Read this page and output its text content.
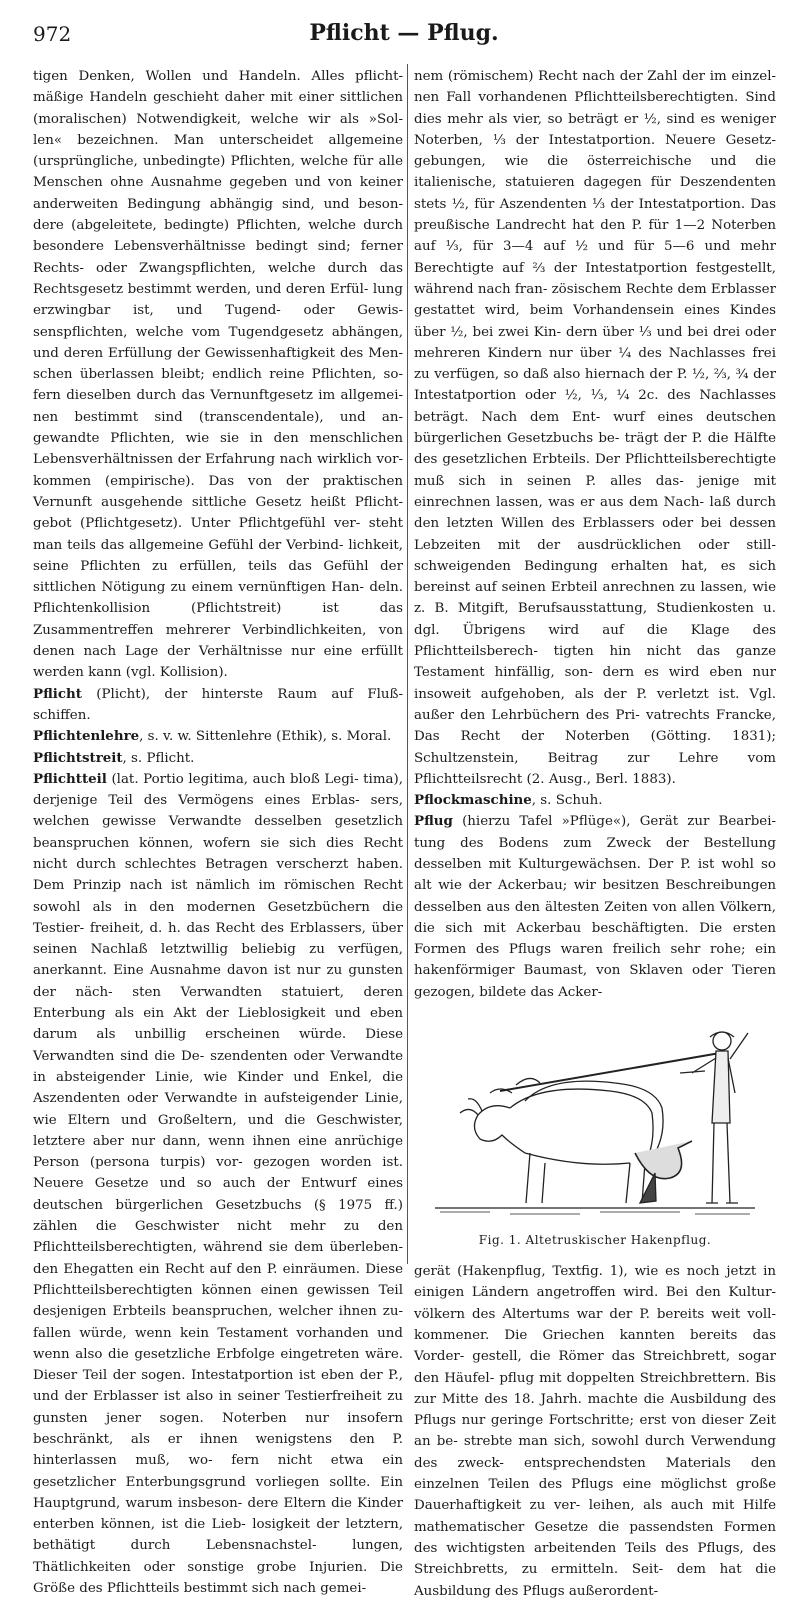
972	Pflicht — Pflug.

tigen Denken, Wollen und Handeln. Alles pflicht- mäßige Handeln geschieht daher mit einer sittlichen (moralischen) Notwendigkeit, welche wir als »Sol- len« bezeichnen. Man unterscheidet allgemeine (ursprüngliche, unbedingte) Pflichten, welche für alle Menschen ohne Ausnahme gegeben und von keiner anderweiten Bedingung abhängig sind, und beson- dere (abgeleitete, bedingte) Pflichten, welche durch besondere Lebensverhältnisse bedingt sind; ferner Rechts- oder Zwangspflichten, welche durch das Rechtsgesetz bestimmt werden, und deren Erfül- lung erzwingbar ist, und Tugend- oder Gewis- senspflichten, welche vom Tugendgesetz abhängen, und deren Erfüllung der Gewissenhaftigkeit des Men- schen überlassen bleibt; endlich reine Pflichten, so- fern dieselben durch das Vernunftgesetz im allgemei- nen bestimmt sind (transcendentale), und an- gewandte Pflichten, wie sie in den menschlichen Lebensverhältnissen der Erfahrung nach wirklich vor- kommen (empirische). Das von der praktischen Vernunft ausgehende sittliche Gesetz heißt Pflicht- gebot (Pflichtgesetz). Unter Pflichtgefühl ver- steht man teils das allgemeine Gefühl der Verbind- lichkeit, seine Pflichten zu erfüllen, teils das Gefühl der sittlichen Nötigung zu einem vernünftigen Han- deln. Pflichtenkollision (Pflichtstreit) ist das Zusammentreffen mehrerer Verbindlichkeiten, von denen nach Lage der Verhältnisse nur eine erfüllt werden kann (vgl. Kollision).

Pflicht (Plicht), der hinterste Raum auf Fluß- schiffen.

Pflichtenlehre, s. v. w. Sittenlehre (Ethik), s. Moral.

Pflichtstreit, s. Pflicht.

Pflichtteil (lat. Portio legitima, auch bloß Legi- tima), derjenige Teil des Vermögens eines Erblas- sers, welchen gewisse Verwandte desselben gesetzlich beanspruchen können, wofern sie sich dies Recht nicht durch schlechtes Betragen verscherzt haben. Dem Prinzip nach ist nämlich im römischen Recht sowohl als in den modernen Gesetzbüchern die Testier- freiheit, d. h. das Recht des Erblassers, über seinen Nachlaß letztwillig beliebig zu verfügen, anerkannt. Eine Ausnahme davon ist nur zu gunsten der näch- sten Verwandten statuiert, deren Enterbung als ein Akt der Lieblosigkeit und eben darum als unbillig erscheinen würde. Diese Verwandten sind die De- szendenten oder Verwandte in absteigender Linie, wie Kinder und Enkel, die Aszendenten oder Verwandte in aufsteigender Linie, wie Eltern und Großeltern, und die Geschwister, letztere aber nur dann, wenn ihnen eine anrüchige Person (persona turpis) vor- gezogen worden ist. Neuere Gesetze und so auch der Entwurf eines deutschen bürgerlichen Gesetzbuchs (§ 1975 ff.) zählen die Geschwister nicht mehr zu den Pflichtteilsberechtigten, während sie dem überleben- den Ehegatten ein Recht auf den P. einräumen. Diese Pflichtteilsberechtigten können einen gewissen Teil desjenigen Erbteils beanspruchen, welcher ihnen zu- fallen würde, wenn kein Testament vorhanden und wenn also die gesetzliche Erbfolge eingetreten wäre. Dieser Teil der sogen. Intestatportion ist eben der P., und der Erblasser ist also in seiner Testierfreiheit zu gunsten jener sogen. Noterben nur insofern beschränkt, als er ihnen wenigstens den P. hinterlassen muß, wo- fern nicht etwa ein gesetzlicher Enterbungsgrund vorliegen sollte. Ein Hauptgrund, warum insbeson- dere Eltern die Kinder enterben können, ist die Lieb- losigkeit der letztern, bethätigt durch Lebensnachstel- lungen, Thätlichkeiten oder sonstige grobe Injurien. Die Größe des Pflichtteils bestimmt sich nach gemei-

nem (römischem) Recht nach der Zahl der im einzel- nen Fall vorhandenen Pflichtteilsberechtigten. Sind dies mehr als vier, so beträgt er ½, sind es weniger Noterben, ⅓ der Intestatportion. Neuere Gesetz- gebungen, wie die österreichische und die italienische, statuieren dagegen für Deszendenten stets ½, für Aszendenten ⅓ der Intestatportion. Das preußische Landrecht hat den P. für 1—2 Noterben auf ⅓, für 3—4 auf ½ und für 5—6 und mehr Berechtigte auf ⅔ der Intestatportion festgestellt, während nach fran- zösischem Rechte dem Erblasser gestattet wird, beim Vorhandensein eines Kindes über ½, bei zwei Kin- dern über ⅓ und bei drei oder mehreren Kindern nur über ¼ des Nachlasses frei zu verfügen, so daß also hiernach der P. ½, ⅔, ¾ der Intestatportion oder ½, ⅓, ¼ 2c. des Nachlasses beträgt. Nach dem Ent- wurf eines deutschen bürgerlichen Gesetzbuchs be- trägt der P. die Hälfte des gesetzlichen Erbteils. Der Pflichtteilsberechtigte muß sich in seinen P. alles das- jenige mit einrechnen lassen, was er aus dem Nach- laß durch den letzten Willen des Erblassers oder bei dessen Lebzeiten mit der ausdrücklichen oder still- schweigenden Bedingung erhalten hat, es sich bereinst auf seinen Erbteil anrechnen zu lassen, wie z. B. Mitgift, Berufsausstattung, Studienkosten u. dgl. Übrigens wird auf die Klage des Pflichtteilsberech- tigten hin nicht das ganze Testament hinfällig, son- dern es wird eben nur insoweit aufgehoben, als der P. verletzt ist. Vgl. außer den Lehrbüchern des Pri- vatrechts Francke, Das Recht der Noterben (Götting. 1831); Schultzenstein, Beitrag zur Lehre vom Pflichtteilsrecht (2. Ausg., Berl. 1883).

Pflockmaschine, s. Schuh.

Pflug (hierzu Tafel »Pflüge«), Gerät zur Bearbei- tung des Bodens zum Zweck der Bestellung desselben mit Kulturgewächsen. Der P. ist wohl so alt wie der Ackerbau; wir besitzen Beschreibungen desselben aus den ältesten Zeiten von allen Völkern, die sich mit Ackerbau beschäftigten. Die ersten Formen des Pflugs waren freilich sehr rohe; ein hakenförmiger Baumast, von Sklaven oder Tieren gezogen, bildete das Acker-

Fig. 1. Altetruskischer Hakenpflug.

gerät (Hakenpflug, Textfig. 1), wie es noch jetzt in einigen Ländern angetroffen wird. Bei den Kultur- völkern des Altertums war der P. bereits weit voll- kommener. Die Griechen kannten bereits das Vorder- gestell, die Römer das Streichbrett, sogar den Häufel- pflug mit doppelten Streichbrettern. Bis zur Mitte des 18. Jahrh. machte die Ausbildung des Pflugs nur geringe Fortschritte; erst von dieser Zeit an be- strebte man sich, sowohl durch Verwendung des zweck- entsprechendsten Materials den einzelnen Teilen des Pflugs eine möglichst große Dauerhaftigkeit zu ver- leihen, als auch mit Hilfe mathematischer Gesetze die passendsten Formen des wichtigsten arbeitenden Teils des Pflugs, des Streichbretts, zu ermitteln. Seit- dem hat die Ausbildung des Pflugs außerordent-
